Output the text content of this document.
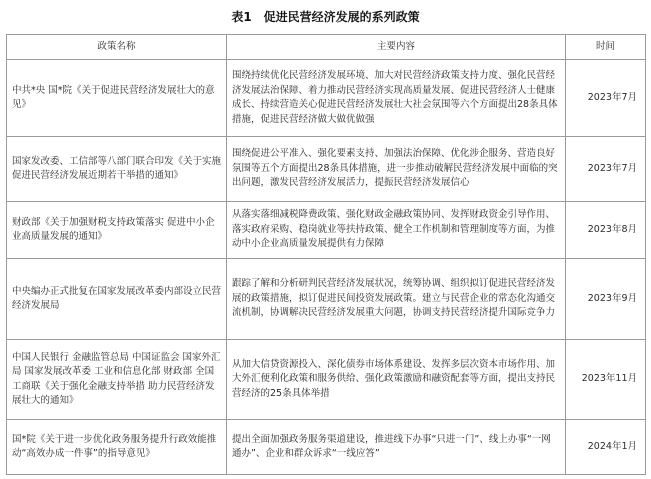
表1　促进民营经济发展的系列政策
政策名称	主要内容	时间
中共*央 国*院《关于促进民营经济发展壮大的意见》	围绕持续优化民营经济发展环境、加大对民营经济政策支持力度、强化民营经济发展法治保障、着力推动民营经济实现高质量发展、促进民营经济人士健康成长、持续营造关心促进民营经济发展壮大社会氛围等六个方面提出28条具体措施，促进民营经济做大做优做强	2023年7月
国家发改委、工信部等八部门联合印发《关于实施促进民营经济发展近期若干举措的通知》	围绕促进公平准入、强化要素支持、加强法治保障、优化涉企服务、营造良好氛围等五个方面提出28条具体措施，进一步推动破解民营经济发展中面临的突出问题，激发民营经济发展活力，提振民营经济发展信心	2023年7月
财政部《关于加强财税支持政策落实 促进中小企业高质量发展的通知》	从落实落细减税降费政策、强化财政金融政策协同、发挥财政资金引导作用、落实政府采购、稳岗就业等扶持政策、健全工作机制和管理制度等方面，为推动中小企业高质量发展提供有力保障	2023年8月
中央编办正式批复在国家发展改革委内部设立民营经济发展局	跟踪了解和分析研判民营经济发展状况，统筹协调、组织拟订促进民营经济发展的政策措施，拟订促进民间投资发展政策。建立与民营企业的常态化沟通交流机制，协调解决民营经济发展重大问题，协调支持民营经济提升国际竞争力	2023年9月
中国人民银行 金融监管总局 中国证监会 国家外汇局 国家发展改革委 工业和信息化部 财政部 全国工商联《关于强化金融支持举措 助力民营经济发展壮大的通知》	从加大信贷资源投入、深化债券市场体系建设、发挥多层次资本市场作用、加大外汇便利化政策和服务供给、强化政策激励和融资配套等方面，提出支持民营经济的25条具体举措	2023年11月
国*院《关于进一步优化政务服务提升行政效能推动“高效办成一件事”的指导意见》	提出全面加强政务服务渠道建设，推进线下办事“只进一门”、线上办事“一网通办”、企业和群众诉求“一线应答”	2024年1月
